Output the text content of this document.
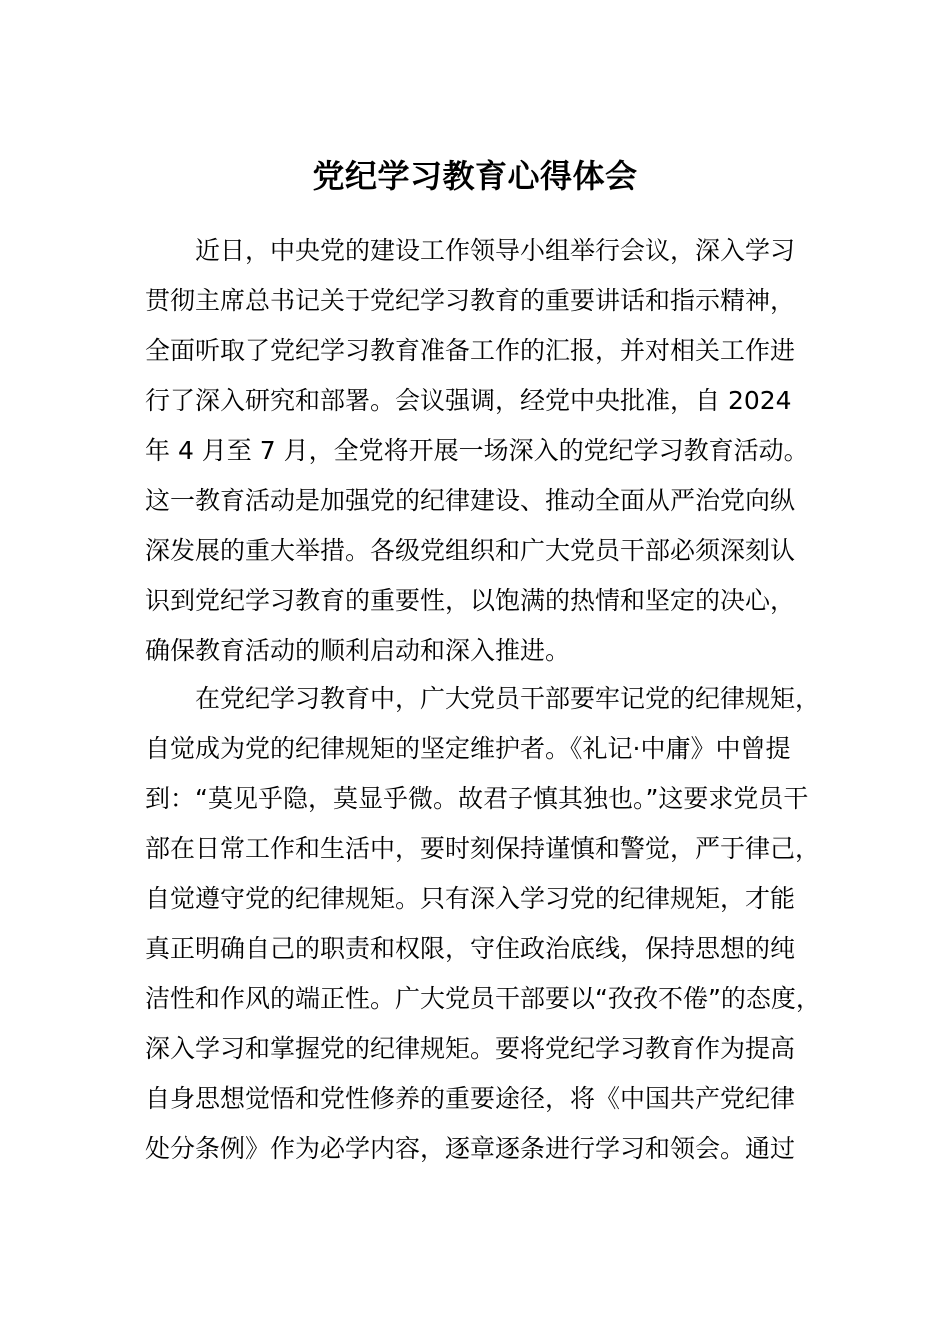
党纪学习教育心得体会
　　近日，中央党的建设工作领导小组举行会议，深入学习
贯彻主席总书记关于党纪学习教育的重要讲话和指示精神，
全面听取了党纪学习教育准备工作的汇报，并对相关工作进
行了深入研究和部署。会议强调，经党中央批准，自 2024
年 4 月至 7 月，全党将开展一场深入的党纪学习教育活动。
这一教育活动是加强党的纪律建设、推动全面从严治党向纵
深发展的重大举措。各级党组织和广大党员干部必须深刻认
识到党纪学习教育的重要性，以饱满的热情和坚定的决心，
确保教育活动的顺利启动和深入推进。
　　在党纪学习教育中，广大党员干部要牢记党的纪律规矩，
自觉成为党的纪律规矩的坚定维护者。《礼记·中庸》中曾提
到：“莫见乎隐，莫显乎微。故君子慎其独也。”这要求党员干
部在日常工作和生活中，要时刻保持谨慎和警觉，严于律己，
自觉遵守党的纪律规矩。只有深入学习党的纪律规矩，才能
真正明确自己的职责和权限，守住政治底线，保持思想的纯
洁性和作风的端正性。广大党员干部要以“孜孜不倦”的态度，
深入学习和掌握党的纪律规矩。要将党纪学习教育作为提高
自身思想觉悟和党性修养的重要途径，将《中国共产党纪律
处分条例》作为必学内容，逐章逐条进行学习和领会。通过
